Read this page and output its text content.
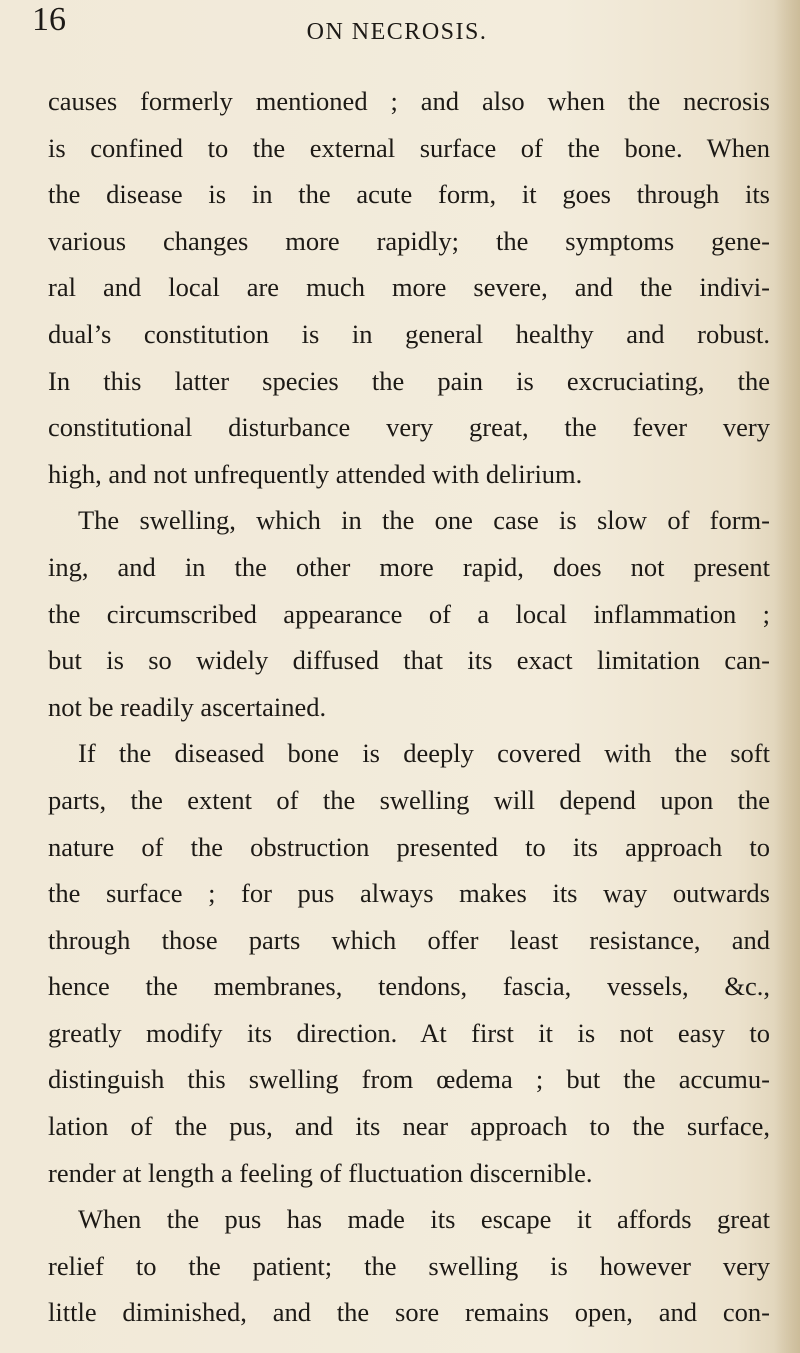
16	ON NECROSIS.
causes formerly mentioned ; and also when the necrosis
is confined to the external surface of the bone. When
the disease is in the acute form, it goes through its
various changes more rapidly; the symptoms gene-
ral and local are much more severe, and the indivi-
dual’s constitution is in general healthy and robust.
In this latter species the pain is excruciating, the
constitutional disturbance very great, the fever very
high, and not unfrequently attended with delirium.
The swelling, which in the one case is slow of form-
ing, and in the other more rapid, does not present
the circumscribed appearance of a local inflammation ;
but is so widely diffused that its exact limitation can-
not be readily ascertained.
If the diseased bone is deeply covered with the soft
parts, the extent of the swelling will depend upon the
nature of the obstruction presented to its approach to
the surface ; for pus always makes its way outwards
through those parts which offer least resistance, and
hence the membranes, tendons, fascia, vessels, &c.,
greatly modify its direction. At first it is not easy to
distinguish this swelling from œdema ; but the accumu-
lation of the pus, and its near approach to the surface,
render at length a feeling of fluctuation discernible.
When the pus has made its escape it affords great
relief to the patient; the swelling is however very
little diminished, and the sore remains open, and con-
